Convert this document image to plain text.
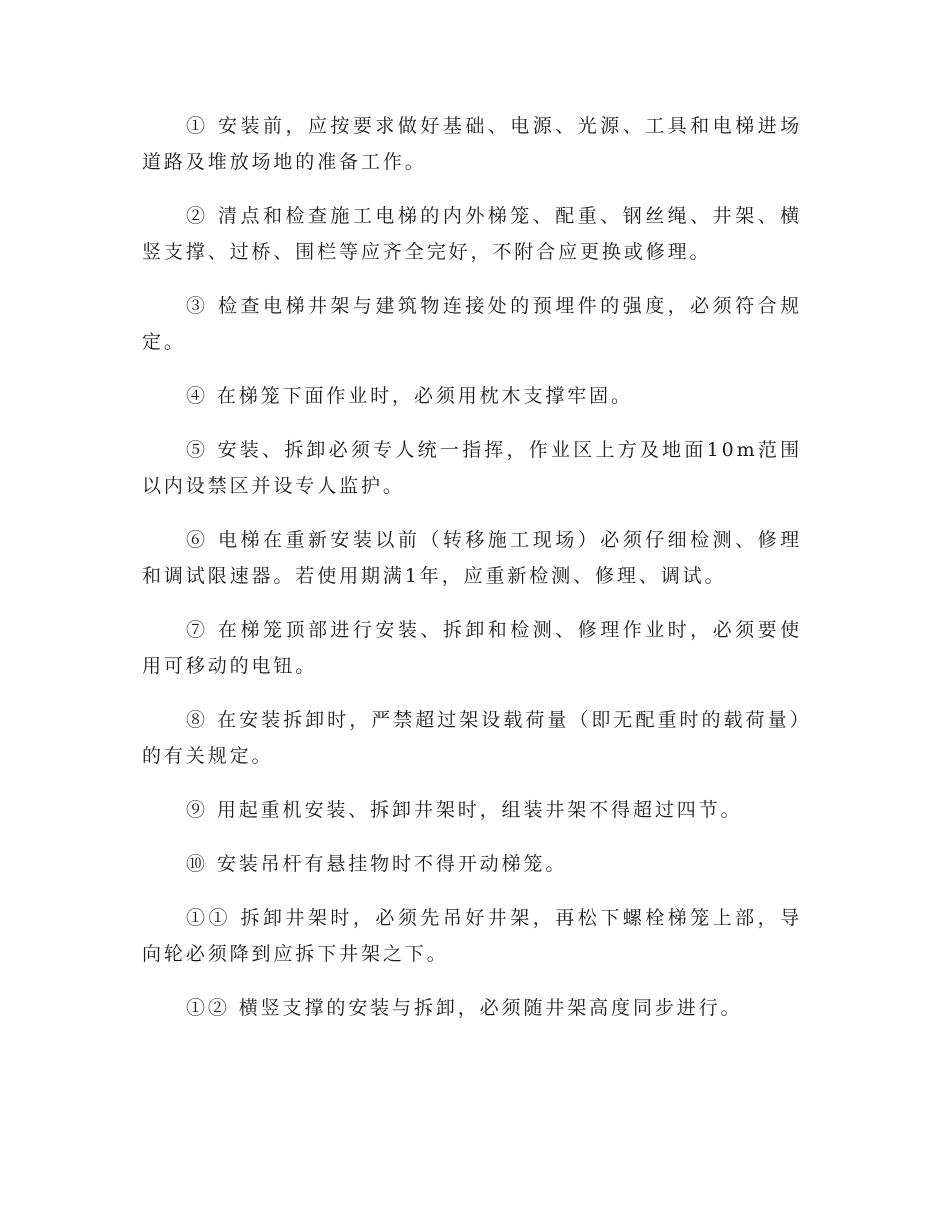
① 安装前，应按要求做好基础、电源、光源、工具和电梯进场道路及堆放场地的准备工作。

② 清点和检查施工电梯的内外梯笼、配重、钢丝绳、井架、横竖支撑、过桥、围栏等应齐全完好，不附合应更换或修理。

③ 检查电梯井架与建筑物连接处的预埋件的强度，必须符合规定。

④ 在梯笼下面作业时，必须用枕木支撑牢固。

⑤ 安装、拆卸必须专人统一指挥，作业区上方及地面10m范围以内设禁区并设专人监护。

⑥ 电梯在重新安装以前（转移施工现场）必须仔细检测、修理和调试限速器。若使用期满1年，应重新检测、修理、调试。

⑦ 在梯笼顶部进行安装、拆卸和检测、修理作业时，必须要使用可移动的电钮。

⑧ 在安装拆卸时，严禁超过架设载荷量（即无配重时的载荷量）的有关规定。

⑨ 用起重机安装、拆卸井架时，组装井架不得超过四节。

⑩ 安装吊杆有悬挂物时不得开动梯笼。

①① 拆卸井架时，必须先吊好井架，再松下螺栓梯笼上部，导向轮必须降到应拆下井架之下。

①② 横竖支撑的安装与拆卸，必须随井架高度同步进行。
